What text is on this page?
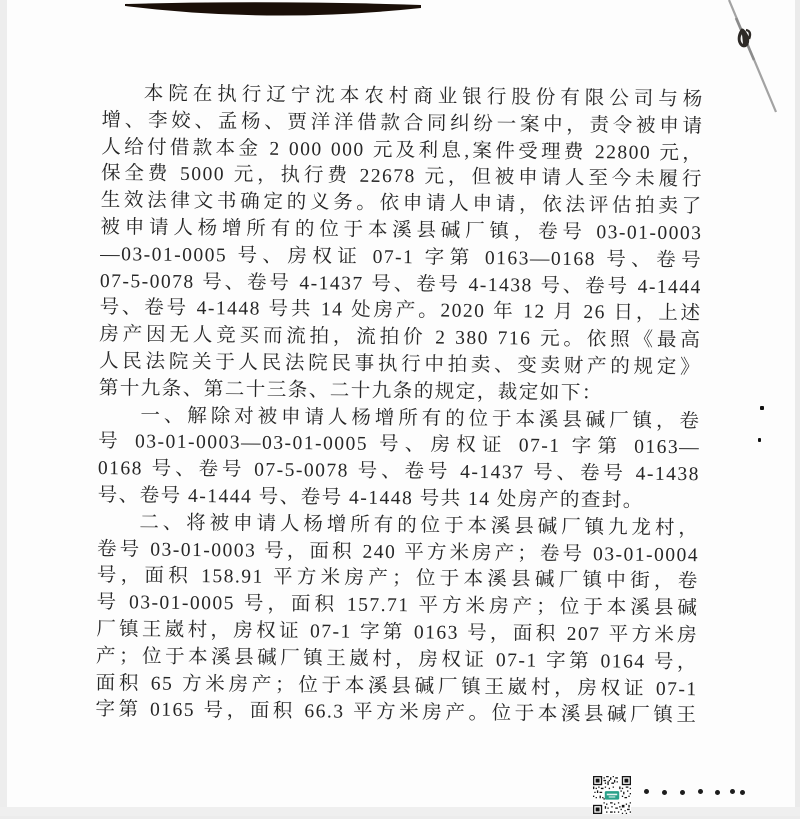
本院在执行辽宁沈本农村商业银行股份有限公司与杨
增、李姣、孟杨、贾洋洋借款合同纠纷一案中，责令被申请
人给付借款本金 2 000 000 元及利息,案件受理费 22800 元，
保全费 5000 元，执行费 22678 元，但被申请人至今未履行
生效法律文书确定的义务。依申请人申请，依法评估拍卖了
被申请人杨增所有的位于本溪县碱厂镇，卷号 03-01-0003
—03-01-0005 号、房权证 07-1 字第 0163—0168 号、卷号
07-5-0078 号、卷号 4-1437 号、卷号 4-1438 号、卷号 4-1444
号、卷号 4-1448 号共 14 处房产。2020 年 12 月 26 日，上述
房产因无人竞买而流拍，流拍价 2 380 716 元。依照《最高
人民法院关于人民法院民事执行中拍卖、变卖财产的规定》
第十九条、第二十三条、二十九条的规定，裁定如下：
一、解除对被申请人杨增所有的位于本溪县碱厂镇，卷
号 03-01-0003—03-01-0005 号、房权证 07-1 字第 0163—
0168 号、卷号 07-5-0078 号、卷号 4-1437 号、卷号 4-1438
号、卷号 4-1444 号、卷号 4-1448 号共 14 处房产的查封。
二、将被申请人杨增所有的位于本溪县碱厂镇九龙村，
卷号 03-01-0003 号，面积 240 平方米房产；卷号 03-01-0004
号，面积 158.91 平方米房产；位于本溪县碱厂镇中街，卷
号 03-01-0005 号，面积 157.71 平方米房产；位于本溪县碱
厂镇王崴村，房权证 07-1 字第 0163 号，面积 207 平方米房
产；位于本溪县碱厂镇王崴村，房权证 07-1 字第 0164 号，
面积 65 方米房产；位于本溪县碱厂镇王崴村，房权证 07-1
字第 0165 号，面积 66.3 平方米房产。位于本溪县碱厂镇王
